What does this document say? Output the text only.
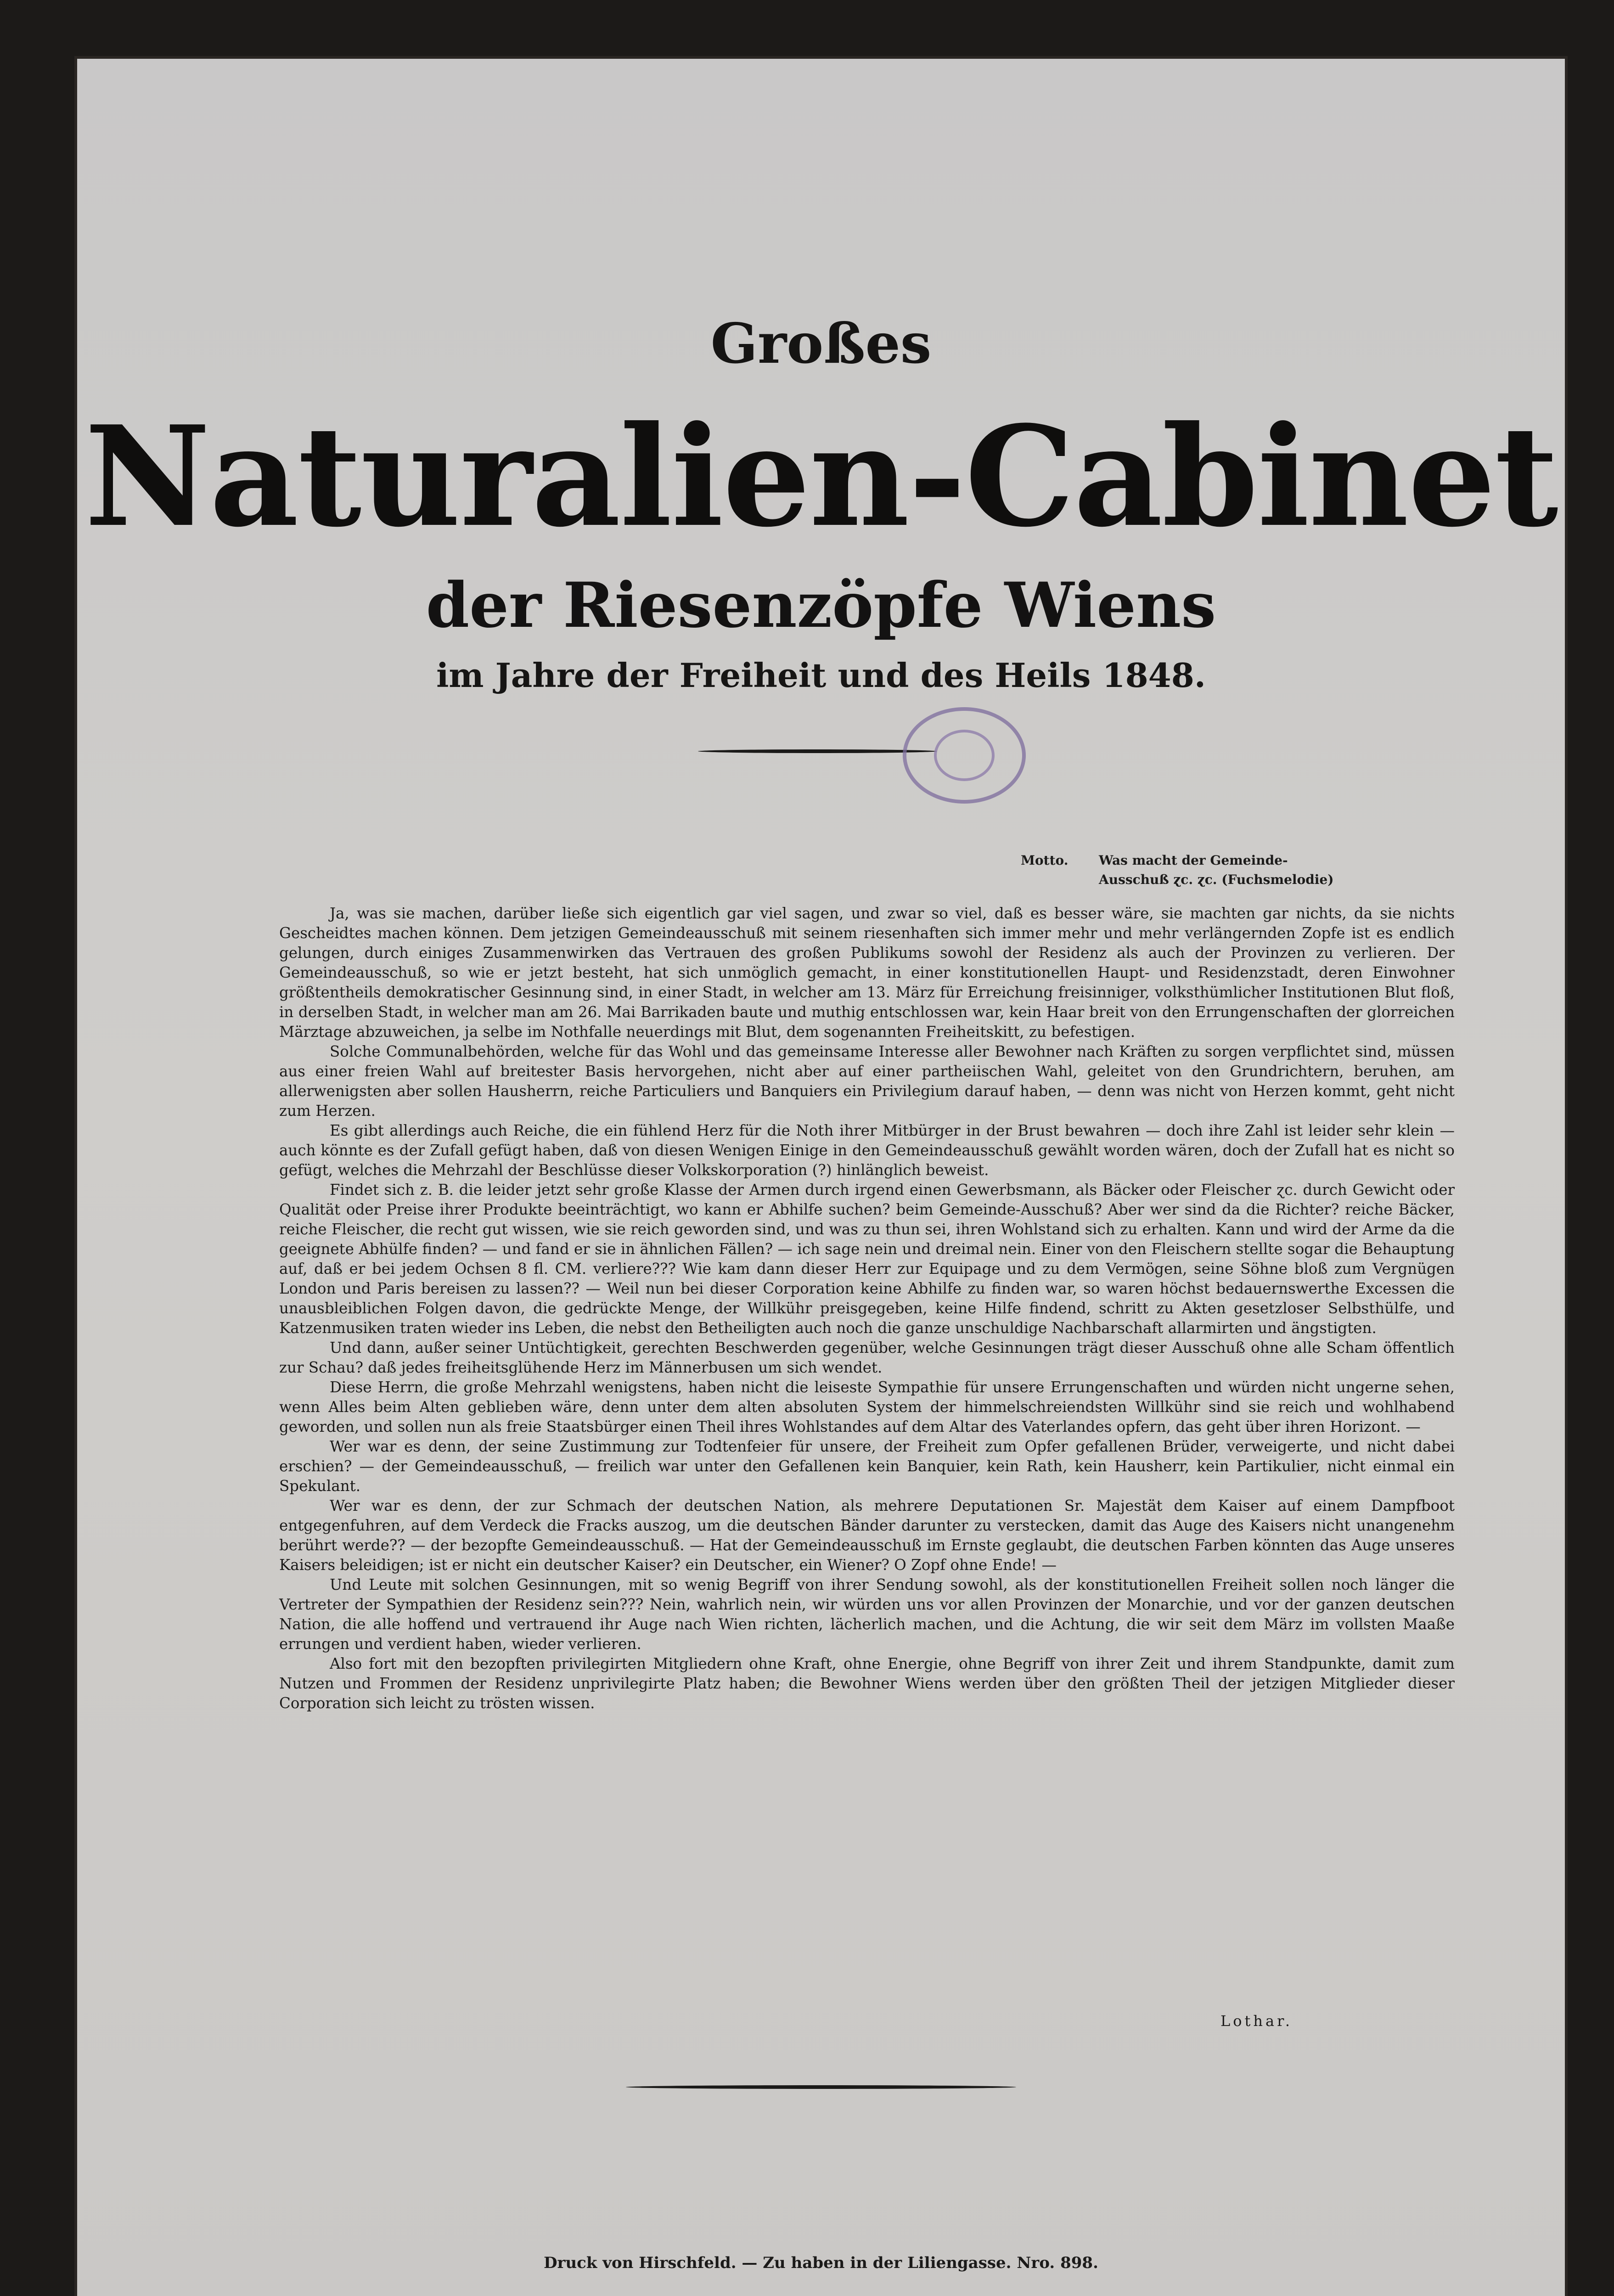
Großes
Naturalien-Cabinet
der Riesenzöpfe Wiens
im Jahre der Freiheit und des Heils 1848.
Motto. Was macht der Gemeinde-
Ausschuß ɀc. ɀc. (Fuchsmelodie)

Ja, was sie machen, darüber ließe sich eigentlich gar viel sagen, und zwar so viel, daß es besser wäre, sie machten gar nichts, da sie nichts Gescheidtes machen können. Dem jetzigen Gemeindeausschuß mit seinem riesenhaften sich immer mehr und mehr verlängernden Zopfe ist es endlich gelungen, durch einiges Zusammenwirken das Vertrauen des großen Publikums sowohl der Residenz als auch der Provinzen zu verlieren. Der Gemeindeausschuß, so wie er jetzt besteht, hat sich unmöglich gemacht, in einer konstitutionellen Haupt- und Residenzstadt, deren Einwohner größtentheils demokratischer Gesinnung sind, in einer Stadt, in welcher am 13. März für Erreichung freisinniger, volksthümlicher Institutionen Blut floß, in derselben Stadt, in welcher man am 26. Mai Barrikaden baute und muthig entschlossen war, kein Haar breit von den Errungenschaften der glorreichen Märztage abzuweichen, ja selbe im Nothfalle neuerdings mit Blut, dem sogenannten Freiheitskitt, zu befestigen.

Solche Communalbehörden, welche für das Wohl und das gemeinsame Interesse aller Bewohner nach Kräften zu sorgen verpflichtet sind, müssen aus einer freien Wahl auf breitester Basis hervorgehen, nicht aber auf einer partheiischen Wahl, geleitet von den Grundrichtern, beruhen, am allerwenigsten aber sollen Hausherrn, reiche Particuliers und Banquiers ein Privilegium darauf haben, — denn was nicht von Herzen kommt, geht nicht zum Herzen.

Es gibt allerdings auch Reiche, die ein fühlend Herz für die Noth ihrer Mitbürger in der Brust bewahren — doch ihre Zahl ist leider sehr klein — auch könnte es der Zufall gefügt haben, daß von diesen Wenigen Einige in den Gemeindeausschuß gewählt worden wären, doch der Zufall hat es nicht so gefügt, welches die Mehrzahl der Beschlüsse dieser Volkskorporation (?) hinlänglich beweist.

Findet sich z. B. die leider jetzt sehr große Klasse der Armen durch irgend einen Gewerbsmann, als Bäcker oder Fleischer ɀc. durch Gewicht oder Qualität oder Preise ihrer Produkte beeinträchtigt, wo kann er Abhilfe suchen? beim Gemeinde-Ausschuß? Aber wer sind da die Richter? reiche Bäcker, reiche Fleischer, die recht gut wissen, wie sie reich geworden sind, und was zu thun sei, ihren Wohlstand sich zu erhalten. Kann und wird der Arme da die geeignete Abhülfe finden? — und fand er sie in ähnlichen Fällen? — ich sage nein und dreimal nein. Einer von den Fleischern stellte sogar die Behauptung auf, daß er bei jedem Ochsen 8 fl. CM. verliere??? Wie kam dann dieser Herr zur Equipage und zu dem Vermögen, seine Söhne bloß zum Vergnügen London und Paris bereisen zu lassen?? — Weil nun bei dieser Corporation keine Abhilfe zu finden war, so waren höchst bedauernswerthe Excessen die unausbleiblichen Folgen davon, die gedrückte Menge, der Willkühr preisgegeben, keine Hilfe findend, schritt zu Akten gesetzloser Selbsthülfe, und Katzenmusiken traten wieder ins Leben, die nebst den Betheiligten auch noch die ganze unschuldige Nachbarschaft allarmirten und ängstigten.

Und dann, außer seiner Untüchtigkeit, gerechten Beschwerden gegenüber, welche Gesinnungen trägt dieser Ausschuß ohne alle Scham öffentlich zur Schau? daß jedes freiheitsglühende Herz im Männerbusen um sich wendet.

Diese Herrn, die große Mehrzahl wenigstens, haben nicht die leiseste Sympathie für unsere Errungenschaften und würden nicht ungerne sehen, wenn Alles beim Alten geblieben wäre, denn unter dem alten absoluten System der himmelschreiendsten Willkühr sind sie reich und wohlhabend geworden, und sollen nun als freie Staatsbürger einen Theil ihres Wohlstandes auf dem Altar des Vaterlandes opfern, das geht über ihren Horizont. —

Wer war es denn, der seine Zustimmung zur Todtenfeier für unsere, der Freiheit zum Opfer gefallenen Brüder, verweigerte, und nicht dabei erschien? — der Gemeindeausschuß, — freilich war unter den Gefallenen kein Banquier, kein Rath, kein Hausherr, kein Partikulier, nicht einmal ein Spekulant.

Wer war es denn, der zur Schmach der deutschen Nation, als mehrere Deputationen Sr. Majestät dem Kaiser auf einem Dampfboot entgegenfuhren, auf dem Verdeck die Fracks auszog, um die deutschen Bänder darunter zu verstecken, damit das Auge des Kaisers nicht unangenehm berührt werde?? — der bezopfte Gemeindeausschuß. — Hat der Gemeindeausschuß im Ernste geglaubt, die deutschen Farben könnten das Auge unseres Kaisers beleidigen; ist er nicht ein deutscher Kaiser? ein Deutscher, ein Wiener? O Zopf ohne Ende! —

Und Leute mit solchen Gesinnungen, mit so wenig Begriff von ihrer Sendung sowohl, als der konstitutionellen Freiheit sollen noch länger die Vertreter der Sympathien der Residenz sein??? Nein, wahrlich nein, wir würden uns vor allen Provinzen der Monarchie, und vor der ganzen deutschen Nation, die alle hoffend und vertrauend ihr Auge nach Wien richten, lächerlich machen, und die Achtung, die wir seit dem März im vollsten Maaße errungen und verdient haben, wieder verlieren.

Also fort mit den bezopften privilegirten Mitgliedern ohne Kraft, ohne Energie, ohne Begriff von ihrer Zeit und ihrem Standpunkte, damit zum Nutzen und Frommen der Residenz unprivilegirte Platz haben; die Bewohner Wiens werden über den größten Theil der jetzigen Mitglieder dieser Corporation sich leicht zu trösten wissen.

Lothar.
Druck von Hirschfeld. — Zu haben in der Liliengasse. Nro. 898.
